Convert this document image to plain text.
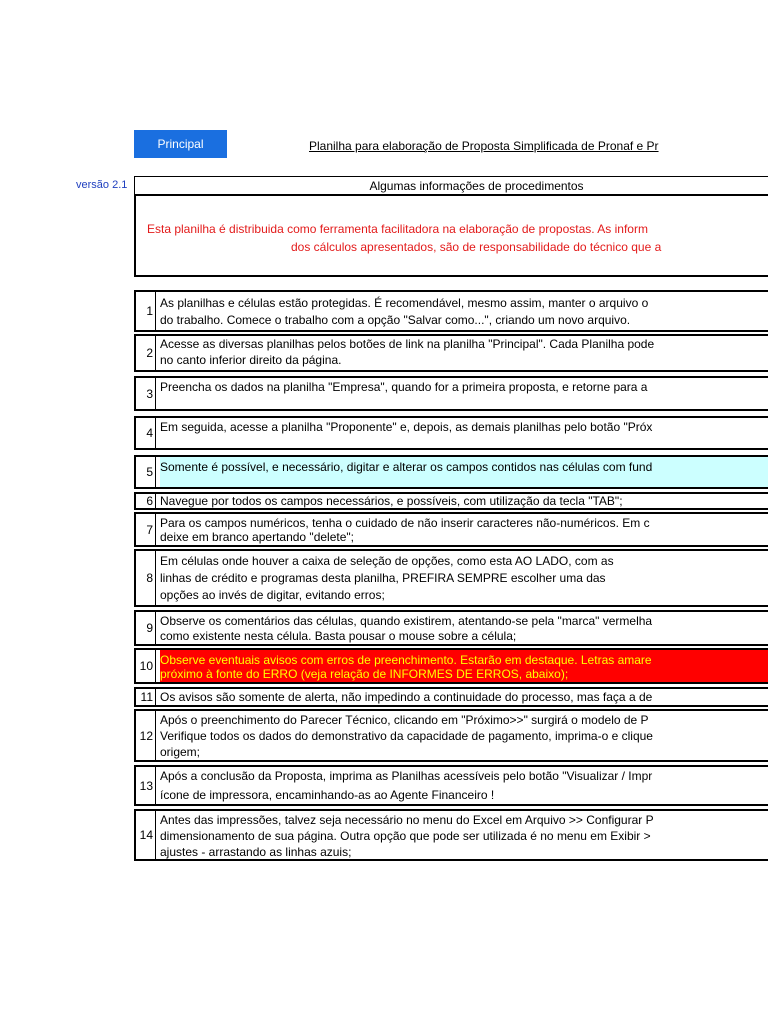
Principal	Planilha para elaboração de Proposta Simplificada de Pronaf e Pr
versão 2.1	Algumas informações de procedimentos
Esta planilha é distribuida como ferramenta facilitadora na elaboração de propostas. As inform
dos cálculos apresentados, são de responsabilidade do técnico que a
1
As planilhas e células estão protegidas. É recomendável, mesmo assim, manter o arquivo o
do trabalho. Comece o trabalho com a opção "Salvar como...", criando um novo arquivo.
2
Acesse as diversas planilhas pelos botões de link na planilha "Principal". Cada Planilha pode
no canto inferior direito da página.
3 Preencha os dados na planilha "Empresa", quando for a primeira proposta, e retorne para a
4 Em seguida, acesse a planilha "Proponente" e, depois, as demais planilhas pelo botão "Próx
5 Somente é possível, e necessário, digitar e alterar os campos contidos nas células com fund
6 Navegue por todos os campos necessários, e possíveis, com utilização da tecla "TAB";
7 Para os campos numéricos, tenha o cuidado de não inserir caracteres não-numéricos. Em c
deixe em branco apertando "delete";
8
Em células onde houver a caixa de seleção de opções, como esta AO LADO, com as
linhas de crédito e programas desta planilha, PREFIRA SEMPRE escolher uma das
opções ao invés de digitar, evitando erros;
9 Observe os comentários das células, quando existirem, atentando-se pela "marca" vermelha
como existente nesta célula. Basta pousar o mouse sobre a célula;
10 Observe eventuais avisos com erros de preenchimento. Estarão em destaque. Letras amare
próximo à fonte do ERRO (veja relação de INFORMES DE ERROS, abaixo);
11 Os avisos são somente de alerta, não impedindo a continuidade do processo, mas faça a de
12
Após o preenchimento do Parecer Técnico, clicando em "Próximo>>" surgirá o modelo de P
Verifique todos os dados do demonstrativo da capacidade de pagamento, imprima-o e clique
origem;
13
Após a conclusão da Proposta, imprima as Planilhas acessíveis pelo botão "Visualizar / Impr
ícone de impressora, encaminhando-as ao Agente Financeiro !
14
Antes das impressões, talvez seja necessário no menu do Excel em Arquivo >> Configurar P
dimensionamento de sua página. Outra opção que pode ser utilizada é no menu em Exibir >
ajustes - arrastando as linhas azuis;
